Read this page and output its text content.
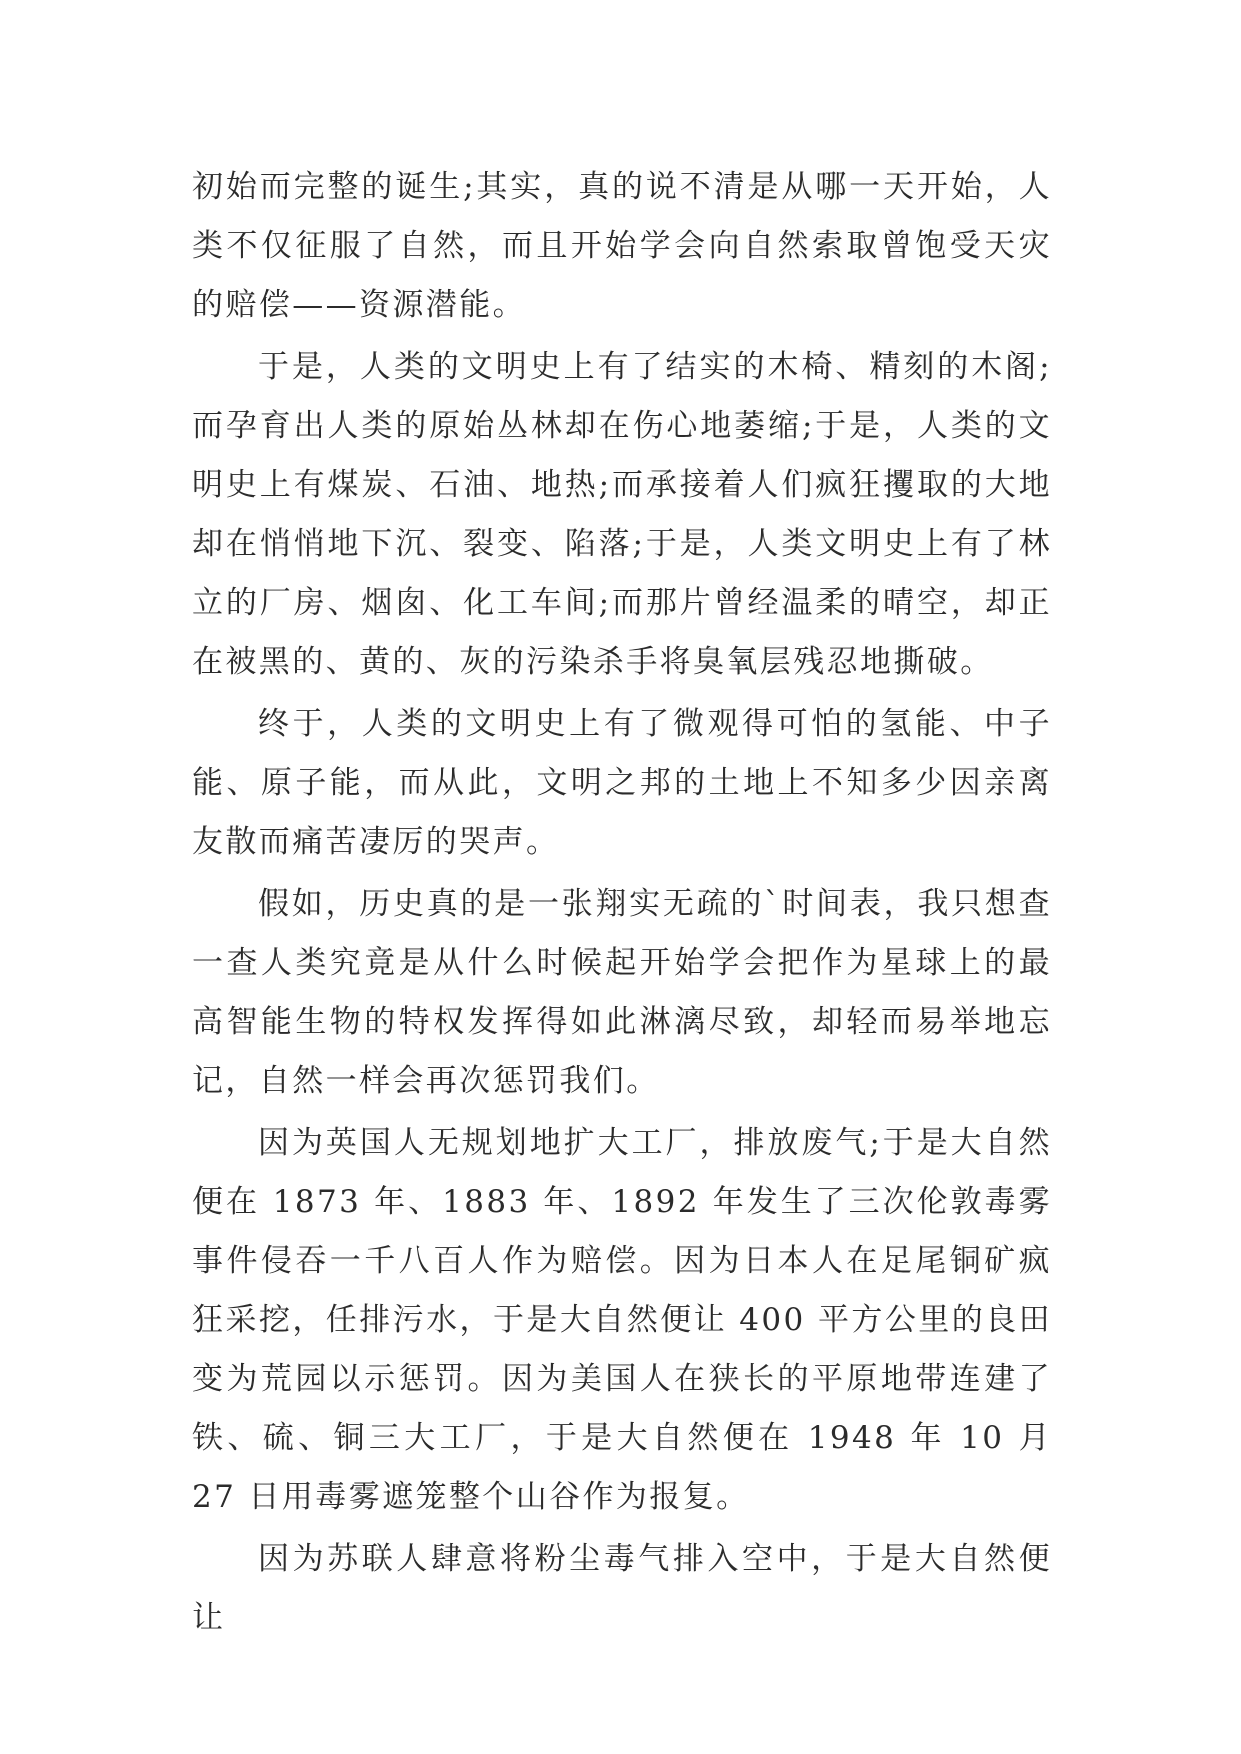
初始而完整的诞生;其实，真的说不清是从哪一天开始，人类不仅征服了自然，而且开始学会向自然索取曾饱受天灾的赔偿——资源潜能。

于是，人类的文明史上有了结实的木椅、精刻的木阁;而孕育出人类的原始丛林却在伤心地萎缩;于是，人类的文明史上有煤炭、石油、地热;而承接着人们疯狂攫取的大地却在悄悄地下沉、裂变、陷落;于是，人类文明史上有了林立的厂房、烟囱、化工车间;而那片曾经温柔的晴空，却正在被黑的、黄的、灰的污染杀手将臭氧层残忍地撕破。

终于，人类的文明史上有了微观得可怕的氢能、中子能、原子能，而从此，文明之邦的土地上不知多少因亲离友散而痛苦凄厉的哭声。

假如，历史真的是一张翔实无疏的`时间表，我只想查一查人类究竟是从什么时候起开始学会把作为星球上的最高智能生物的特权发挥得如此淋漓尽致，却轻而易举地忘记，自然一样会再次惩罚我们。

因为英国人无规划地扩大工厂，排放废气;于是大自然便在 1873 年、1883 年、1892 年发生了三次伦敦毒雾事件侵吞一千八百人作为赔偿。因为日本人在足尾铜矿疯狂采挖，任排污水，于是大自然便让 400 平方公里的良田变为荒园以示惩罚。因为美国人在狭长的平原地带连建了铁、硫、铜三大工厂，于是大自然便在 1948 年 10 月 27 日用毒雾遮笼整个山谷作为报复。

因为苏联人肆意将粉尘毒气排入空中，于是大自然便让
